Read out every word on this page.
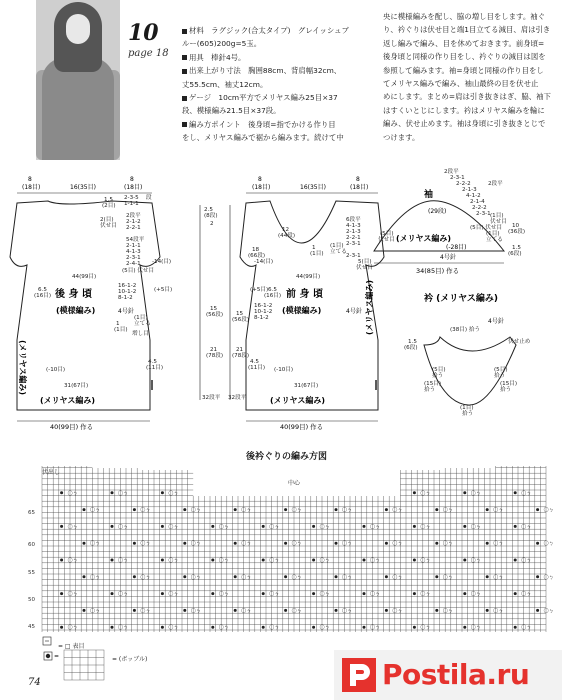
10
page 18
材料　ラグジック(合太タイプ)　グレイッシュブ
ルー(605)200g=5玉。
用具　棒針4号。
出来上がり寸法　胸囲88cm、背肩幅32cm、
丈55.5cm、袖丈12cm。
ゲージ　10cm平方でメリヤス編み25目×37
段、模様編み21.5目×37段。
編み方ポイント　後身頃=指でかける作り目
をし、メリヤス編みで裾から編みます。続けて中
央に模様編みを配し、脇の増し目をします。袖ぐ
り、衿ぐりは伏せ目と端1目立てる減目、肩は引き
返し編みで編み、目を休めておきます。前身頃=
後身頃と同様の作り目をし、衿ぐりの減目は図を
参照して編みます。袖=身頃と同様の作り目をし
てメリヤス編みで編み、袖山最終の目を伏せ止
めにします。まとめ=肩は引き抜きはぎ、脇、袖下
はすくいとじにします。衿はメリヤス編みを輪に
編み、伏せ止めます。袖は身頃に引き抜きとじで
つけます。
後 身 頃
(模様編み)	4号針
(メリヤス編み)
40(99目) 作る
(メリヤス編み)
16(35目)
8
(18目)
8
(18目)
1.5
(2目)
2-3-5 段
1-1-1
2(目)
伏せ目
2段平
2-1-2
2-2-1
54段平
2-1-1
4-1-3
2-3-1
2-4-1
(5目) 伏せ目
44(99目)
-14(目)
6.5
(16目)
16-1-2
10-1-2
8-1-2
(+5目)
(1目)
立てる
1
(1目)
増し目
4.5
(11目)
(-10目)
31(67目)
15
(56段)
21
(78段)
32段平
2
2.5
(8段)
前 身 頃
(模様編み)	4号針
(メリヤス編み)
40(99目) 作る
(メリヤス編み)
16(35目)
8
(18目)
8
(18目)
12
(44段)
18
(66段)
6段平
4-1-3
2-1-3
2-2-1
(1目)
立てる
2-3-1
2-3-1
1
(1目)
5(目)
伏せ目
44(99目)
-14(目)
6.5
(16目)
16-1-2
10-1-2
8-1-2
(+5目)
4.5
(11目) (-10目)
31(67目)
15
(56段)
21
(78段)
32段平
袖
(29段)
(メリヤス編み)
(-28目)
4号針
34(85目) 作る
2段平
2-3-1
2-2-2
2-1-3
4-1-2
2-1-4
2-2-2
2-3-1
(5目) 伏せ目
(5目)
伏せ目
(1目)
立てる
10
(36段)
1.5
(6段)
2段平
(1目)
伏せ目
衿 (メリヤス編み)
4号針
(38目) 拾う
1.5
(6段)
(5目)
拾う
(5目)
拾う
(15目)
拾う
(15目)
拾う
(1目)
拾う
伏せ止め
後衿ぐりの編み方図
伏出し
中心
65
60
55
50
45
〇ㄅ	〇ㄅ	〇ㄅ	〇ㄅ	〇ㄅ	〇ㄅ
〇ㄅ	〇ㄅ	〇ㄅ	〇ㄅ	〇ㄅ	〇ㄅ	〇ㄅ	〇ㄅ	〇ㄅ	〇ㄅ
〇ㄅ	〇ㄅ	〇ㄅ	〇ㄅ	〇ㄅ	〇ㄅ	〇ㄅ	〇ㄅ	〇ㄅ	〇ㄅ
〇ㄅ	〇ㄅ	〇ㄅ	〇ㄅ	〇ㄅ	〇ㄅ	〇ㄅ	〇ㄅ	〇ㄅ	〇ㄅ
〇ㄅ	〇ㄅ	〇ㄅ	〇ㄅ	〇ㄅ	〇ㄅ	〇ㄅ	〇ㄅ	〇ㄅ	〇ㄅ
〇ㄅ	〇ㄅ	〇ㄅ	〇ㄅ	〇ㄅ	〇ㄅ	〇ㄅ	〇ㄅ	〇ㄅ	〇ㄅ
〇ㄅ	〇ㄅ	〇ㄅ	〇ㄅ	〇ㄅ	〇ㄅ	〇ㄅ	〇ㄅ	〇ㄅ	〇ㄅ
〇ㄅ	〇ㄅ	〇ㄅ	〇ㄅ	〇ㄅ	〇ㄅ	〇ㄅ	〇ㄅ	〇ㄅ	〇ㄅ
〇ㄅ	〇ㄅ	〇ㄅ	〇ㄅ	〇ㄅ	〇ㄅ	〇ㄅ	〇ㄅ	〇ㄅ	〇ㄅ
= □ 表目
=	= (ボッブル)
74	Postila.ru
